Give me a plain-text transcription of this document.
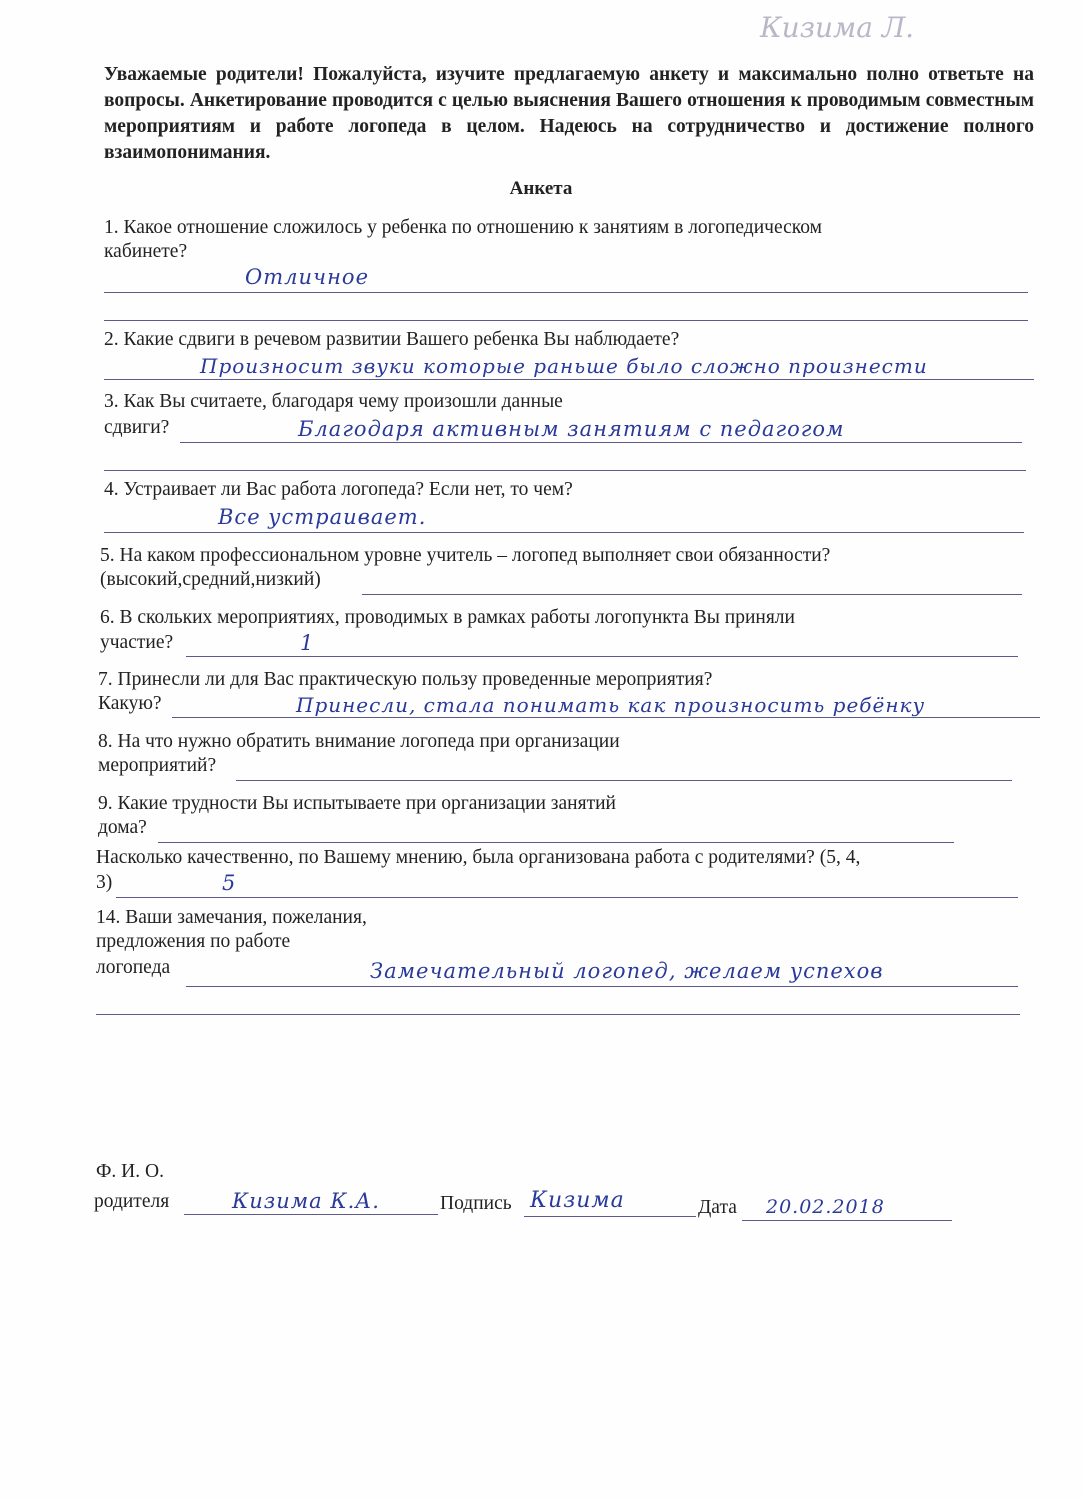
Кизима Л.
Уважаемые родители! Пожалуйста, изучите предлагаемую анкету и максимально полно ответьте на вопросы. Анкетирование проводится с целью выяснения Вашего отношения к проводимым совместным мероприятиям и работе логопеда в целом. Надеюсь на сотрудничество и достижение полного взаимопонимания.
Анкета
1. Какое отношение сложилось у ребенка по отношению к занятиям в логопедическом
кабинете?
Отличное
2. Какие сдвиги в речевом развитии Вашего ребенка Вы наблюдаете?
Произносит звуки которые раньше было сложно произнести
3. Как Вы считаете, благодаря чему произошли данные
сдвиги?	Благодаря активным занятиям с педагогом
4. Устраивает ли Вас работа логопеда? Если нет, то чем?
Все устраивает.
5. На каком профессиональном уровне учитель – логопед выполняет свои обязанности?
(высокий,средний,низкий)
6. В скольких мероприятиях, проводимых в рамках работы логопункта Вы приняли
участие?	1
7. Принесли ли для Вас практическую пользу проведенные мероприятия?
Какую?	Принесли, стала понимать как произносить ребёнку
8. На что нужно обратить внимание логопеда при организации
мероприятий?
9. Какие трудности Вы испытываете при организации занятий
дома?
Насколько качественно, по Вашему мнению, была организована работа с родителями? (5, 4,
3)	5
14. Ваши замечания, пожелания,
предложения по работе
логопеда	Замечательный логопед, желаем успехов
Ф. И. О.
родителя	Кизима К.А.	Подпись Кизима	Дата 20.02.2018
